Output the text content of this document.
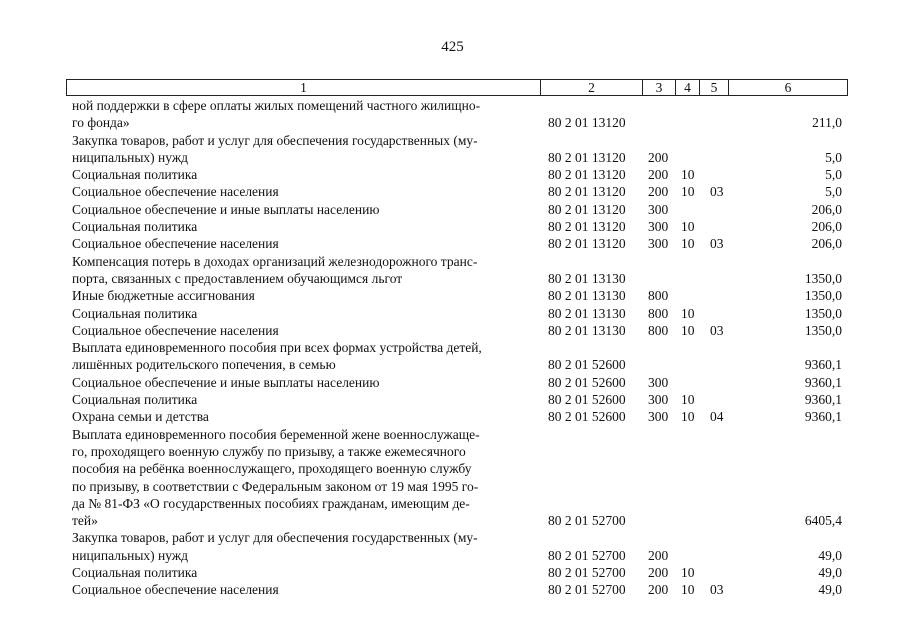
425
1	2	3	4	5	6
ной поддержки в сфере оплаты жилых помещений частного жилищно-
го фонда»	80 2 01 13120	211,0
Закупка товаров, работ и услуг для обеспечения государственных (му-
ниципальных) нужд	80 2 01 13120 200	5,0
Социальная политика	80 2 01 13120 200 10	5,0
Социальное обеспечение населения	80 2 01 13120 200 10 03	5,0
Социальное обеспечение и иные выплаты населению	80 2 01 13120 300	206,0
Социальная политика	80 2 01 13120 300 10	206,0
Социальное обеспечение населения	80 2 01 13120 300 10 03	206,0
Компенсация потерь в доходах организаций железнодорожного транс-
порта, связанных с предоставлением обучающимся льгот	80 2 01 13130	1350,0
Иные бюджетные ассигнования	80 2 01 13130 800	1350,0
Социальная политика	80 2 01 13130 800 10	1350,0
Социальное обеспечение населения	80 2 01 13130 800 10 03	1350,0
Выплата единовременного пособия при всех формах устройства детей,
лишённых родительского попечения, в семью	80 2 01 52600	9360,1
Социальное обеспечение и иные выплаты населению	80 2 01 52600 300	9360,1
Социальная политика	80 2 01 52600 300 10	9360,1
Охрана семьи и детства	80 2 01 52600 300 10 04	9360,1
Выплата единовременного пособия беременной жене военнослужаще-
го, проходящего военную службу по призыву, а также ежемесячного
пособия на ребёнка военнослужащего, проходящего военную службу
по призыву, в соответствии с Федеральным законом от 19 мая 1995 го-
да № 81-ФЗ «О государственных пособиях гражданам, имеющим де-
тей»	80 2 01 52700	6405,4
Закупка товаров, работ и услуг для обеспечения государственных (му-
ниципальных) нужд	80 2 01 52700 200	49,0
Социальная политика	80 2 01 52700 200 10	49,0
Социальное обеспечение населения	80 2 01 52700 200 10 03	49,0
